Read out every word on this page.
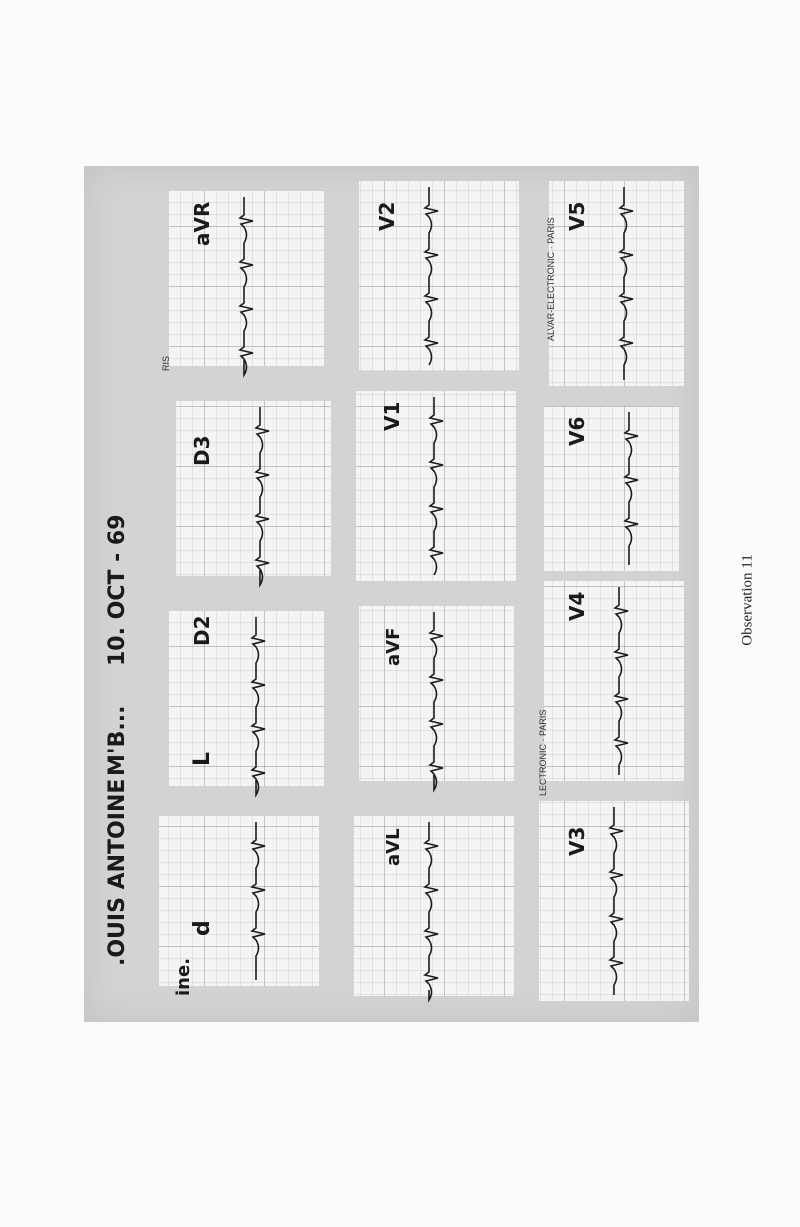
.OUIS ANTOINE
M'B...
10. OCT - 69
ine.
d
L
D2
D3
aVR
aVL
aVF
V1
V2
V3
V4
V6
V5
RIS
ALVAR-ELECTRONIC · PARIS
LECTRONIC · PARIS
Observation 11
